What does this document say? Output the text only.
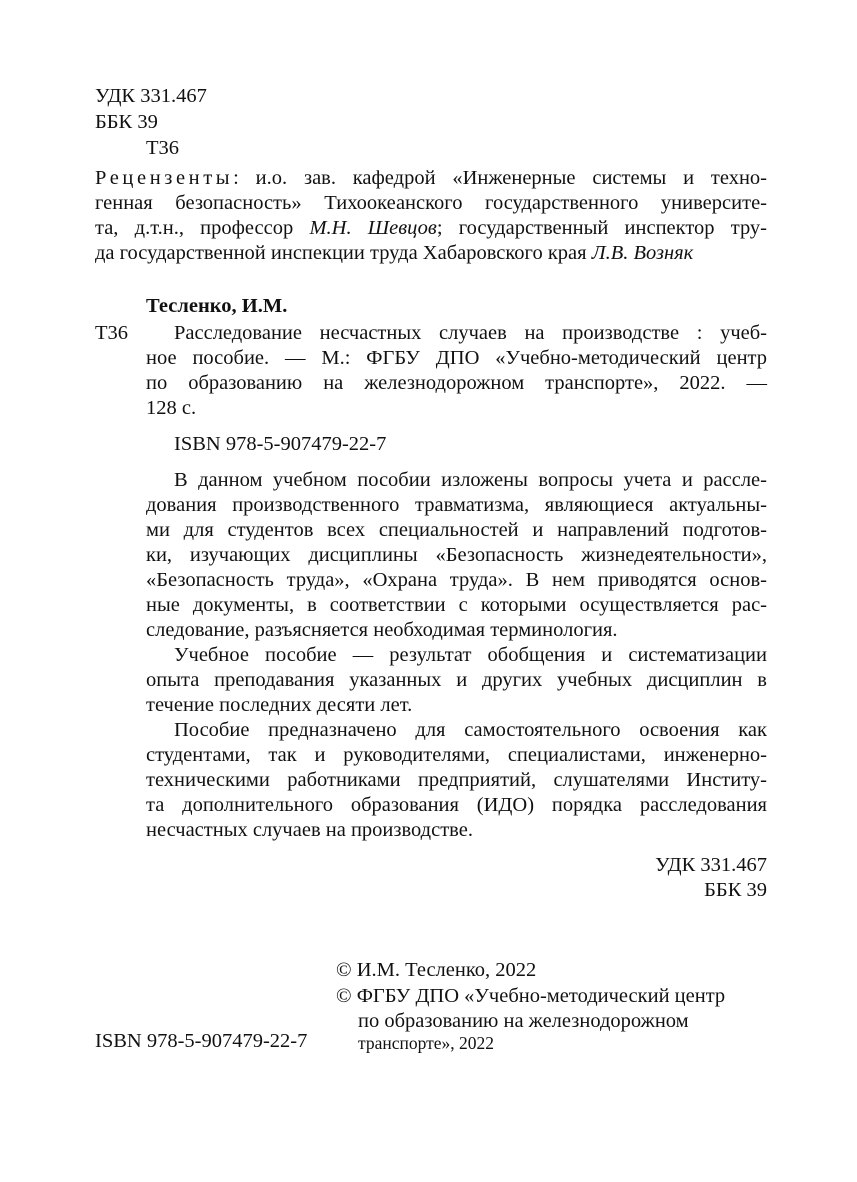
УДК 331.467
ББК 39
Т36
Рецензенты: и.о. зав. кафедрой «Инженерные системы и техно-
генная безопасность» Тихоокеанского государственного университе-
та, д.т.н., профессор М.Н. Шевцов; государственный инспектор тру-
да государственной инспекции труда Хабаровского края Л.В. Возняк
Тесленко, И.М.
Т36 Расследование несчастных случаев на производстве : учеб-
ное пособие. — М.: ФГБУ ДПО «Учебно-методический центр
по образованию на железнодорожном транспорте», 2022. —
128 с.
ISBN 978-5-907479-22-7
В данном учебном пособии изложены вопросы учета и рассле-
дования производственного травматизма, являющиеся актуальны-
ми для студентов всех специальностей и направлений подготов-
ки, изучающих дисциплины «Безопасность жизнедеятельности»,
«Безопасность труда», «Охрана труда». В нем приводятся основ-
ные документы, в соответствии с которыми осуществляется рас-
следование, разъясняется необходимая терминология.
Учебное пособие — результат обобщения и систематизации
опыта преподавания указанных и других учебных дисциплин в
течение последних десяти лет.
Пособие предназначено для самостоятельного освоения как
студентами, так и руководителями, специалистами, инженерно-
техническими работниками предприятий, слушателями Институ-
та дополнительного образования (ИДО) порядка расследования
несчастных случаев на производстве.
УДК 331.467
ББК 39
ISBN 978-5-907479-22-7
© И.М. Тесленко, 2022
© ФГБУ ДПО «Учебно-методический центр
по образованию на железнодорожном
транспорте», 2022
